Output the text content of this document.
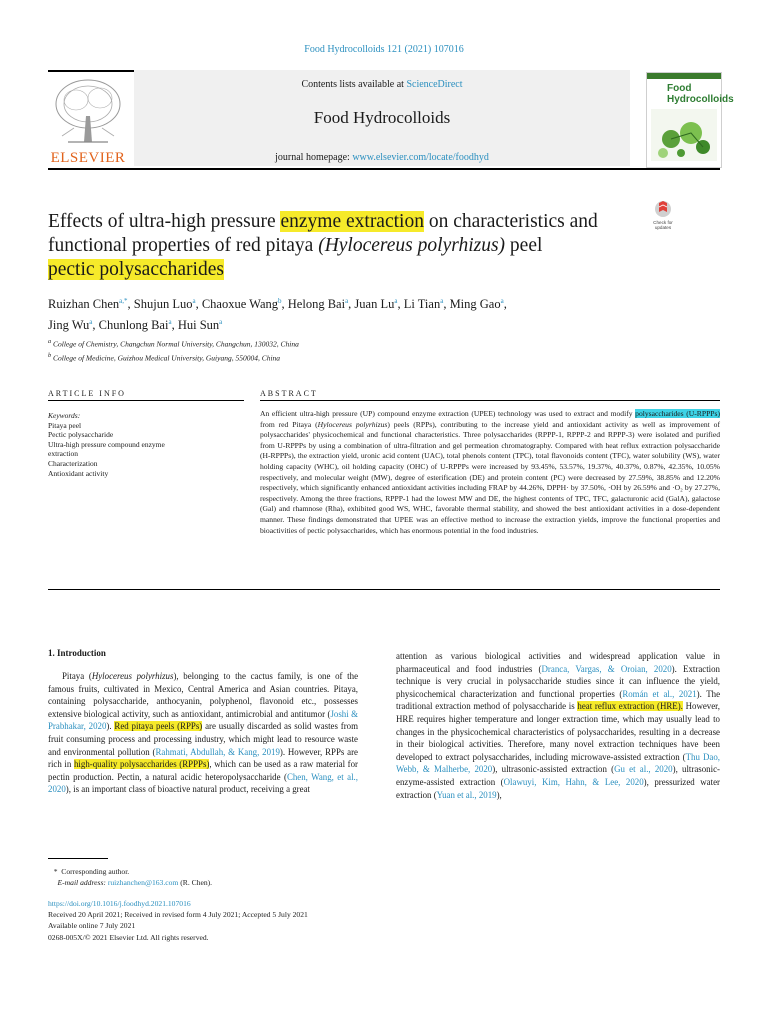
Food Hydrocolloids 121 (2021) 107016
Contents lists available at ScienceDirect
Food Hydrocolloids
journal homepage: www.elsevier.com/locate/foodhyd
ELSEVIER
Food
Hydrocolloids
Check for
updates
Effects of ultra-high pressure enzyme extraction on characteristics and functional properties of red pitaya (Hylocereus polyrhizus) peel
pectic polysaccharides
Ruizhan Chen$^{a,*}$, Shujun Luo$^a$, Chaoxue Wang$^b$, Helong Bai$^a$, Juan Lu$^a$, Li Tian$^a$, Ming Gao$^a$,
Jing Wu$^a$, Chunlong Bai$^a$, Hui Sun$^a$
$^a$ College of Chemistry, Changchun Normal University, Changchun, 130032, China
$^b$ College of Medicine, Guizhou Medical University, Guiyang, 550004, China
ARTICLE INFO	ABSTRACT
Keywords:
Pitaya peel
Pectic polysaccharide
Ultra-high pressure compound enzyme
extraction
Characterization
Antioxidant activity
An efficient ultra-high pressure (UP) compound enzyme extraction (UPEE) technology was used to extract and modify polysaccharides (U-RPPPs) from red Pitaya (Hylocereus polyrhizus) peels (RPPs), contributing to the increase yield and antioxidant activity as well as improvement of polysaccharides' physicochemical and functional characteristics. Three polysaccharides (RPPP-1, RPPP-2 and RPPP-3) were isolated and purified from U-RPPPs by using a combination of ultra-filtration and gel permeation chromatography. Compared with heat reflux extraction polysaccharide (H-RPPPs), the extraction yield, uronic acid content (UAC), total phenols content (TPC), total flavonoids content (TFC), water solubility (WS), water holding capacity (WHC), oil holding capacity (OHC) of U-RPPPs were increased by 93.45%, 53.57%, 19.37%, 40.37%, 0.87%, 42.35%, 10.05% respectively, and molecular weight (MW), degree of esterification (DE) and protein content (PC) were decreased by 27.59%, 38.85% and 12.20% respectively, which significantly enhanced antioxidant activities including FRAP by 44.26%, DPPH· by 37.50%, ·OH by 26.59% and ·O₂ by 27.27%, respectively. Among the three fractions, RPPP-1 had the lowest MW and DE, the highest contents of TPC, TFC, galacturonic acid (GalA), galactose (Gal) and rhamnose (Rha), exhibited good WS, WHC, favorable thermal stability, and showed the best antioxidant activities in a dose-dependent manner. These findings demonstrated that UPEE was an effective method to increase the extraction yields, improve the functional properties and bioactivities of pectic polysaccharides, which has enormous potential in the food industries.
1. Introduction
Pitaya (Hylocereus polyrhizus), belonging to the cactus family, is one of the famous fruits, cultivated in Mexico, Central America and Asian countries. Pitaya, containing polysaccharide, anthocyanin, polyphenol, flavonoid etc., possesses extensive biological activity, such as antioxidant, antimicrobial and antitumor (Joshi & Prabhakar, 2020). Red pitaya peels (RPPs) are usually discarded as solid wastes from fruit consuming process and processing industry, which might lead to resource waste and environmental pollution (Rahmati, Abdullah, & Kang, 2019). However, RPPs are rich in high-quality polysaccharides (RPPPs), which can be used as a raw material for pectin production. Pectin, a natural acidic heteropolysaccharide (Chen, Wang, et al., 2020), is an important class of bioactive natural product, receiving a great
attention as various biological activities and widespread application value in pharmaceutical and food industries (Dranca, Vargas, & Oroian, 2020). Extraction technique is very crucial in polysaccharide studies since it can influence the yield, physicochemical characterization and functional properties (Román et al., 2021). The traditional extraction method of polysaccharide is heat reflux extraction (HRE). However, HRE requires higher temperature and longer extraction time, which may usually lead to changes in the physicochemical characteristics of polysaccharides, resulting in a decrease in their biological activities. Therefore, many novel extraction techniques have been developed to extract polysaccharides, including microwave-assisted extraction (Thu Dao, Webb, & Malherbe, 2020), ultrasonic-assisted extraction (Gu et al., 2020), ultrasonic-enzyme-assisted extraction (Olawuyi, Kim, Hahn, & Lee, 2020), pressurized water extraction (Yuan et al., 2019),
* Corresponding author.
E-mail address: ruizhanchen@163.com (R. Chen).
https://doi.org/10.1016/j.foodhyd.2021.107016
Received 20 April 2021; Received in revised form 4 July 2021; Accepted 5 July 2021
Available online 7 July 2021
0268-005X/© 2021 Elsevier Ltd. All rights reserved.
